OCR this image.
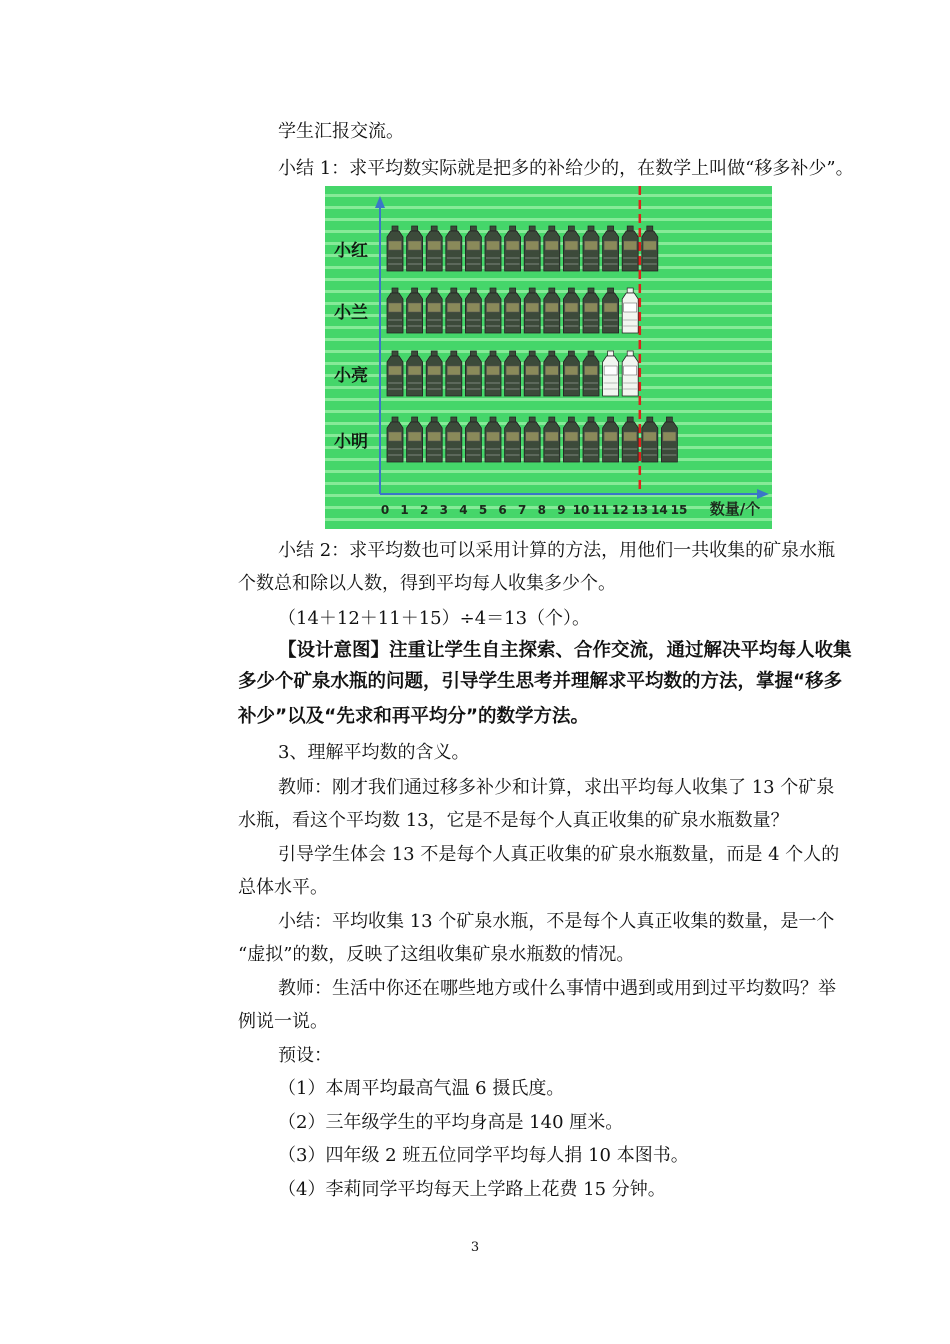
学生汇报交流。
小结 1：求平均数实际就是把多的补给少的，在数学上叫做“移多补少”。
0 1 2 3 4 5 6 7 8 9 10 11 12 13 14 15 数量/个
小红
小兰
小亮
小明
小结 2：求平均数也可以采用计算的方法，用他们一共收集的矿泉水瓶
个数总和除以人数，得到平均每人收集多少个。
（14＋12＋11＋15）÷4＝13（个）。
【设计意图】注重让学生自主探索、合作交流，通过解决平均每人收集
多少个矿泉水瓶的问题，引导学生思考并理解求平均数的方法，掌握“移多
补少”以及“先求和再平均分”的数学方法。
3、理解平均数的含义。
教师：刚才我们通过移多补少和计算，求出平均每人收集了 13 个矿泉
水瓶，看这个平均数 13，它是不是每个人真正收集的矿泉水瓶数量？
引导学生体会 13 不是每个人真正收集的矿泉水瓶数量，而是 4 个人的
总体水平。
小结：平均收集 13 个矿泉水瓶，不是每个人真正收集的数量，是一个
“虚拟”的数，反映了这组收集矿泉水瓶数的情况。
教师：生活中你还在哪些地方或什么事情中遇到或用到过平均数吗？举
例说一说。
预设：
（1）本周平均最高气温 6 摄氏度。
（2）三年级学生的平均身高是 140 厘米。
（3）四年级 2 班五位同学平均每人捐 10 本图书。
（4）李莉同学平均每天上学路上花费 15 分钟。
3
